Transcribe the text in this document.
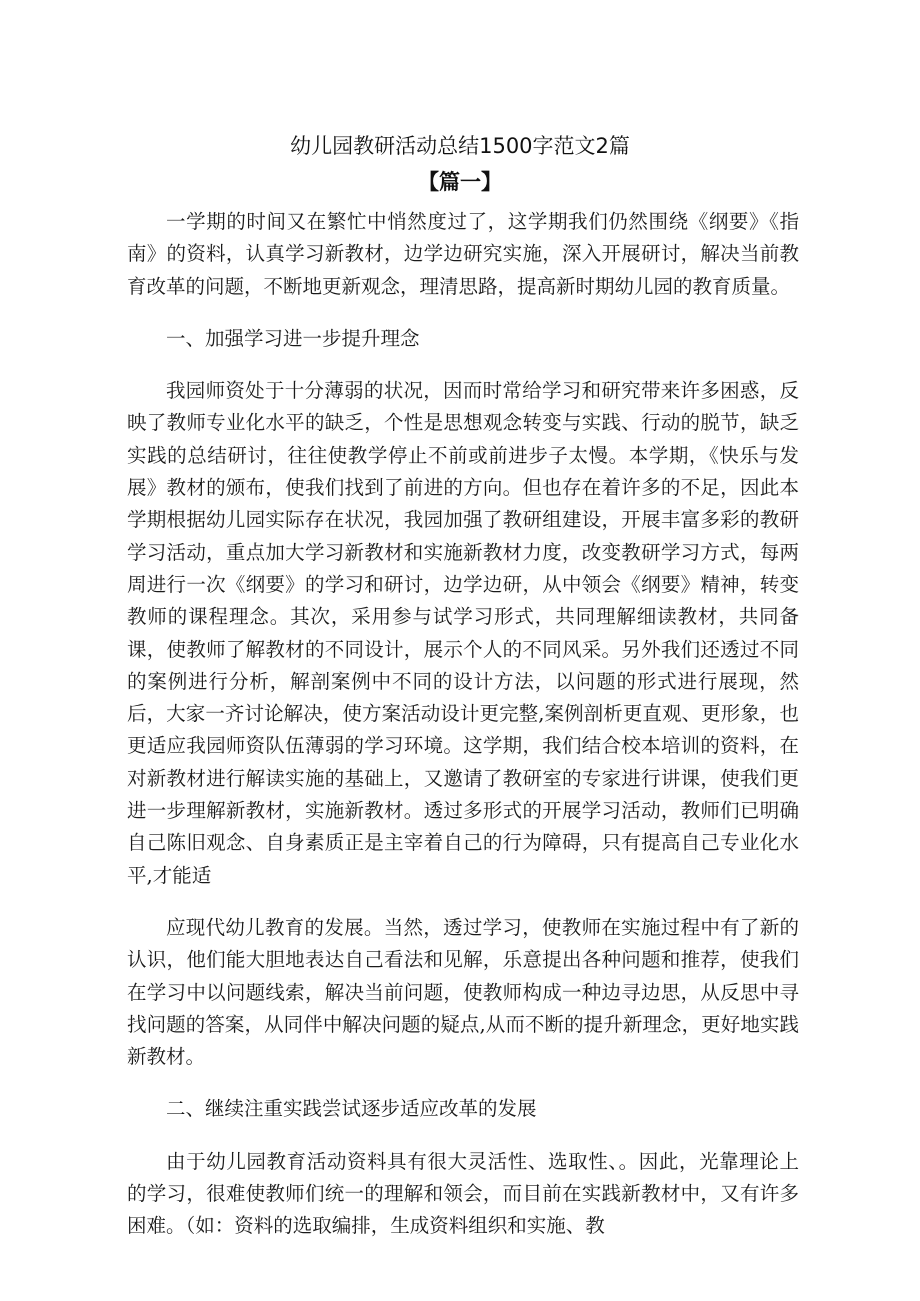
幼儿园教研活动总结1500字范文2篇
【篇一】

一学期的时间又在繁忙中悄然度过了，这学期我们仍然围绕《纲要》《指南》的资料，认真学习新教材，边学边研究实施，深入开展研讨，解决当前教育改革的问题，不断地更新观念，理清思路，提高新时期幼儿园的教育质量。

一、加强学习进一步提升理念

我园师资处于十分薄弱的状况，因而时常给学习和研究带来许多困惑，反映了教师专业化水平的缺乏，个性是思想观念转变与实践、行动的脱节，缺乏实践的总结研讨，往往使教学停止不前或前进步子太慢。本学期，《快乐与发展》教材的颁布，使我们找到了前进的方向。但也存在着许多的不足，因此本学期根据幼儿园实际存在状况，我园加强了教研组建设，开展丰富多彩的教研学习活动，重点加大学习新教材和实施新教材力度，改变教研学习方式，每两周进行一次《纲要》的学习和研讨，边学边研，从中领会《纲要》精神，转变教师的课程理念。其次，采用参与试学习形式，共同理解细读教材，共同备课，使教师了解教材的不同设计，展示个人的不同风采。另外我们还透过不同的案例进行分析，解剖案例中不同的设计方法，以问题的形式进行展现，然后，大家一齐讨论解决，使方案活动设计更完整,案例剖析更直观、更形象，也更适应我园师资队伍薄弱的学习环境。这学期，我们结合校本培训的资料，在对新教材进行解读实施的基础上，又邀请了教研室的专家进行讲课，使我们更进一步理解新教材，实施新教材。透过多形式的开展学习活动，教师们已明确自己陈旧观念、自身素质正是主宰着自己的行为障碍，只有提高自己专业化水平,才能适

应现代幼儿教育的发展。当然，透过学习，使教师在实施过程中有了新的认识，他们能大胆地表达自己看法和见解，乐意提出各种问题和推荐，使我们在学习中以问题线索，解决当前问题，使教师构成一种边寻边思，从反思中寻找问题的答案，从同伴中解决问题的疑点,从而不断的提升新理念，更好地实践新教材。

二、继续注重实践尝试逐步适应改革的发展

由于幼儿园教育活动资料具有很大灵活性、选取性、。因此，光靠理论上的学习，很难使教师们统一的理解和领会，而目前在实践新教材中，又有许多困难。（如：资料的选取编排，生成资料组织和实施、教
